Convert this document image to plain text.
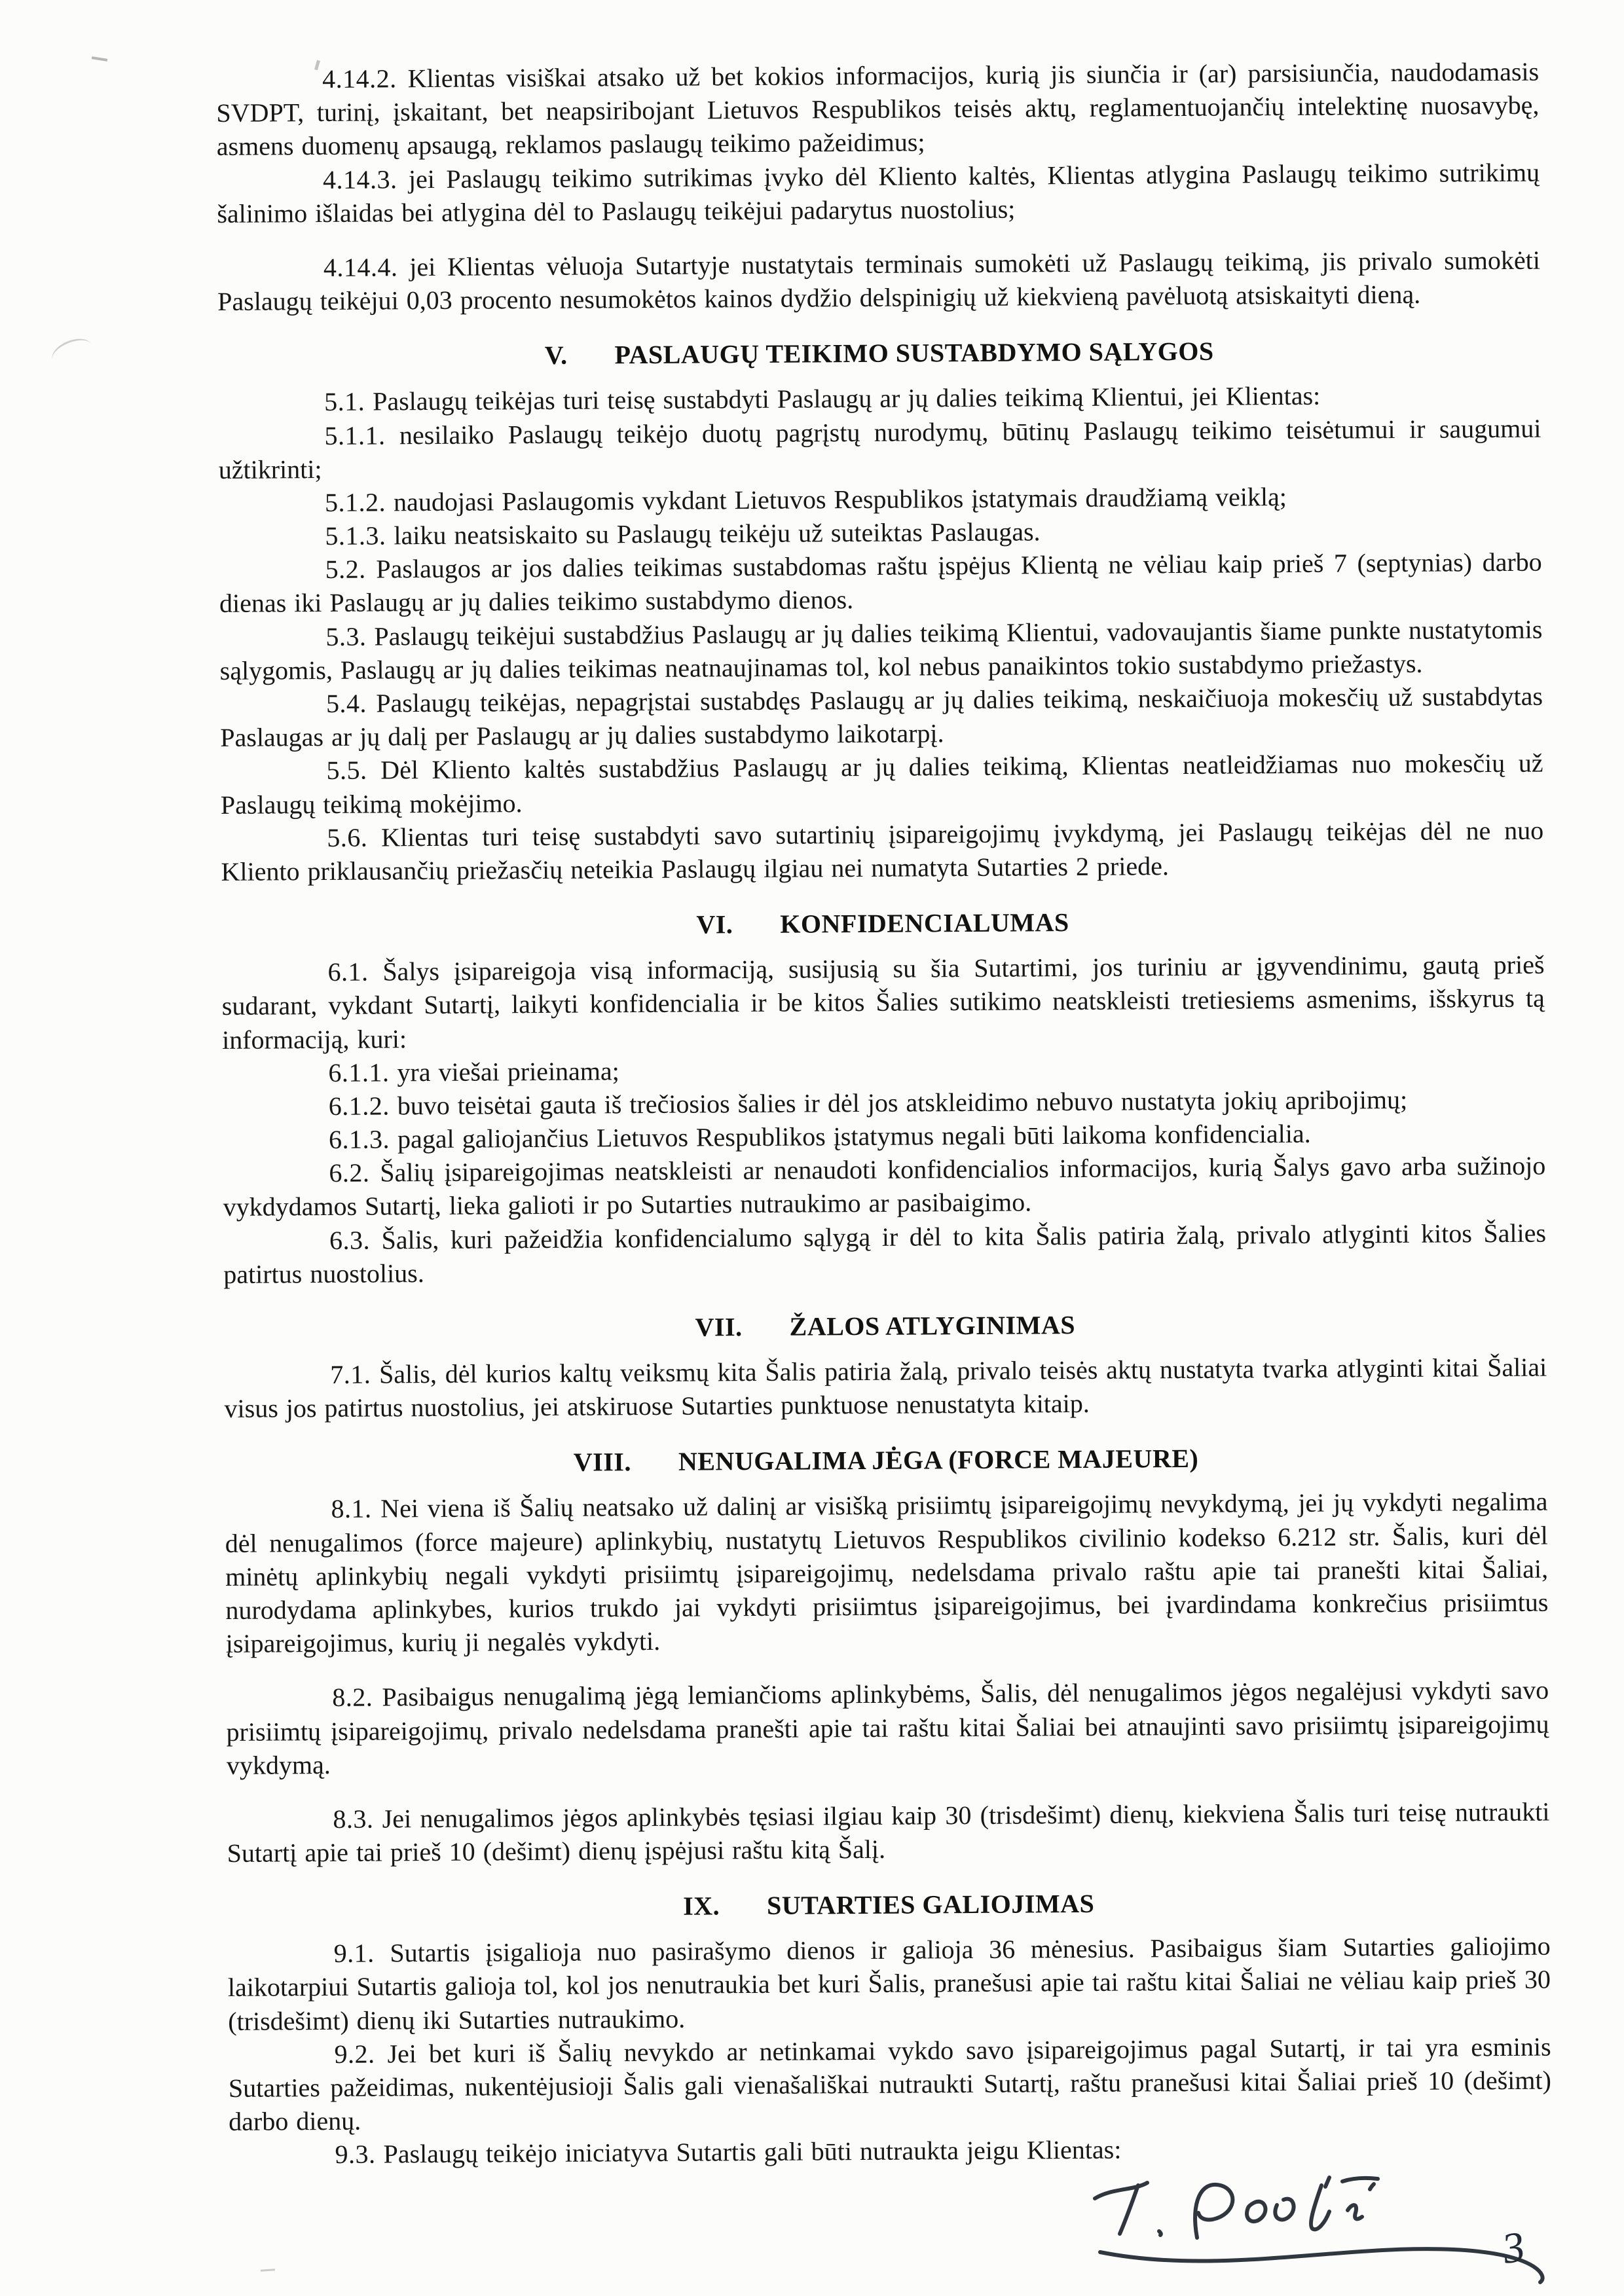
4.14.2. Klientas visiškai atsako už bet kokios informacijos, kurią jis siunčia ir (ar) parsisiunčia, naudodamasis SVDPT, turinį, įskaitant, bet neapsiribojant Lietuvos Respublikos teisės aktų, reglamentuojančių intelektinę nuosavybę, asmens duomenų apsaugą, reklamos paslaugų teikimo pažeidimus;

4.14.3. jei Paslaugų teikimo sutrikimas įvyko dėl Kliento kaltės, Klientas atlygina Paslaugų teikimo sutrikimų šalinimo išlaidas bei atlygina dėl to Paslaugų teikėjui padarytus nuostolius;

4.14.4. jei Klientas vėluoja Sutartyje nustatytais terminais sumokėti už Paslaugų teikimą, jis privalo sumokėti Paslaugų teikėjui 0,03 procento nesumokėtos kainos dydžio delspinigių už kiekvieną pavėluotą atsiskaityti dieną.

V. PASLAUGŲ TEIKIMO SUSTABDYMO SĄLYGOS

5.1. Paslaugų teikėjas turi teisę sustabdyti Paslaugų ar jų dalies teikimą Klientui, jei Klientas:

5.1.1. nesilaiko Paslaugų teikėjo duotų pagrįstų nurodymų, būtinų Paslaugų teikimo teisėtumui ir saugumui užtikrinti;

5.1.2. naudojasi Paslaugomis vykdant Lietuvos Respublikos įstatymais draudžiamą veiklą;

5.1.3. laiku neatsiskaito su Paslaugų teikėju už suteiktas Paslaugas.

5.2. Paslaugos ar jos dalies teikimas sustabdomas raštu įspėjus Klientą ne vėliau kaip prieš 7 (septynias) darbo dienas iki Paslaugų ar jų dalies teikimo sustabdymo dienos.

5.3. Paslaugų teikėjui sustabdžius Paslaugų ar jų dalies teikimą Klientui, vadovaujantis šiame punkte nustatytomis sąlygomis, Paslaugų ar jų dalies teikimas neatnaujinamas tol, kol nebus panaikintos tokio sustabdymo priežastys.

5.4. Paslaugų teikėjas, nepagrįstai sustabdęs Paslaugų ar jų dalies teikimą, neskaičiuoja mokesčių už sustabdytas Paslaugas ar jų dalį per Paslaugų ar jų dalies sustabdymo laikotarpį.

5.5. Dėl Kliento kaltės sustabdžius Paslaugų ar jų dalies teikimą, Klientas neatleidžiamas nuo mokesčių už Paslaugų teikimą mokėjimo.

5.6. Klientas turi teisę sustabdyti savo sutartinių įsipareigojimų įvykdymą, jei Paslaugų teikėjas dėl ne nuo Kliento priklausančių priežasčių neteikia Paslaugų ilgiau nei numatyta Sutarties 2 priede.

VI. KONFIDENCIALUMAS

6.1. Šalys įsipareigoja visą informaciją, susijusią su šia Sutartimi, jos turiniu ar įgyvendinimu, gautą prieš sudarant, vykdant Sutartį, laikyti konfidencialia ir be kitos Šalies sutikimo neatskleisti tretiesiems asmenims, išskyrus tą informaciją, kuri:

6.1.1. yra viešai prieinama;

6.1.2. buvo teisėtai gauta iš trečiosios šalies ir dėl jos atskleidimo nebuvo nustatyta jokių apribojimų;

6.1.3. pagal galiojančius Lietuvos Respublikos įstatymus negali būti laikoma konfidencialia.

6.2. Šalių įsipareigojimas neatskleisti ar nenaudoti konfidencialios informacijos, kurią Šalys gavo arba sužinojo vykdydamos Sutartį, lieka galioti ir po Sutarties nutraukimo ar pasibaigimo.

6.3. Šalis, kuri pažeidžia konfidencialumo sąlygą ir dėl to kita Šalis patiria žalą, privalo atlyginti kitos Šalies patirtus nuostolius.

VII. ŽALOS ATLYGINIMAS

7.1. Šalis, dėl kurios kaltų veiksmų kita Šalis patiria žalą, privalo teisės aktų nustatyta tvarka atlyginti kitai Šaliai visus jos patirtus nuostolius, jei atskiruose Sutarties punktuose nenustatyta kitaip.

VIII. NENUGALIMA JĖGA (FORCE MAJEURE)

8.1. Nei viena iš Šalių neatsako už dalinį ar visišką prisiimtų įsipareigojimų nevykdymą, jei jų vykdyti negalima dėl nenugalimos (force majeure) aplinkybių, nustatytų Lietuvos Respublikos civilinio kodekso 6.212 str. Šalis, kuri dėl minėtų aplinkybių negali vykdyti prisiimtų įsipareigojimų, nedelsdama privalo raštu apie tai pranešti kitai Šaliai, nurodydama aplinkybes, kurios trukdo jai vykdyti prisiimtus įsipareigojimus, bei įvardindama konkrečius prisiimtus įsipareigojimus, kurių ji negalės vykdyti.

8.2. Pasibaigus nenugalimą jėgą lemiančioms aplinkybėms, Šalis, dėl nenugalimos jėgos negalėjusi vykdyti savo prisiimtų įsipareigojimų, privalo nedelsdama pranešti apie tai raštu kitai Šaliai bei atnaujinti savo prisiimtų įsipareigojimų vykdymą.

8.3. Jei nenugalimos jėgos aplinkybės tęsiasi ilgiau kaip 30 (trisdešimt) dienų, kiekviena Šalis turi teisę nutraukti Sutartį apie tai prieš 10 (dešimt) dienų įspėjusi raštu kitą Šalį.

IX. SUTARTIES GALIOJIMAS

9.1. Sutartis įsigalioja nuo pasirašymo dienos ir galioja 36 mėnesius. Pasibaigus šiam Sutarties galiojimo laikotarpiui Sutartis galioja tol, kol jos nenutraukia bet kuri Šalis, pranešusi apie tai raštu kitai Šaliai ne vėliau kaip prieš 30 (trisdešimt) dienų iki Sutarties nutraukimo.

9.2. Jei bet kuri iš Šalių nevykdo ar netinkamai vykdo savo įsipareigojimus pagal Sutartį, ir tai yra esminis Sutarties pažeidimas, nukentėjusioji Šalis gali vienašališkai nutraukti Sutartį, raštu pranešusi kitai Šaliai prieš 10 (dešimt) darbo dienų.

9.3. Paslaugų teikėjo iniciatyva Sutartis gali būti nutraukta jeigu Klientas:

3
